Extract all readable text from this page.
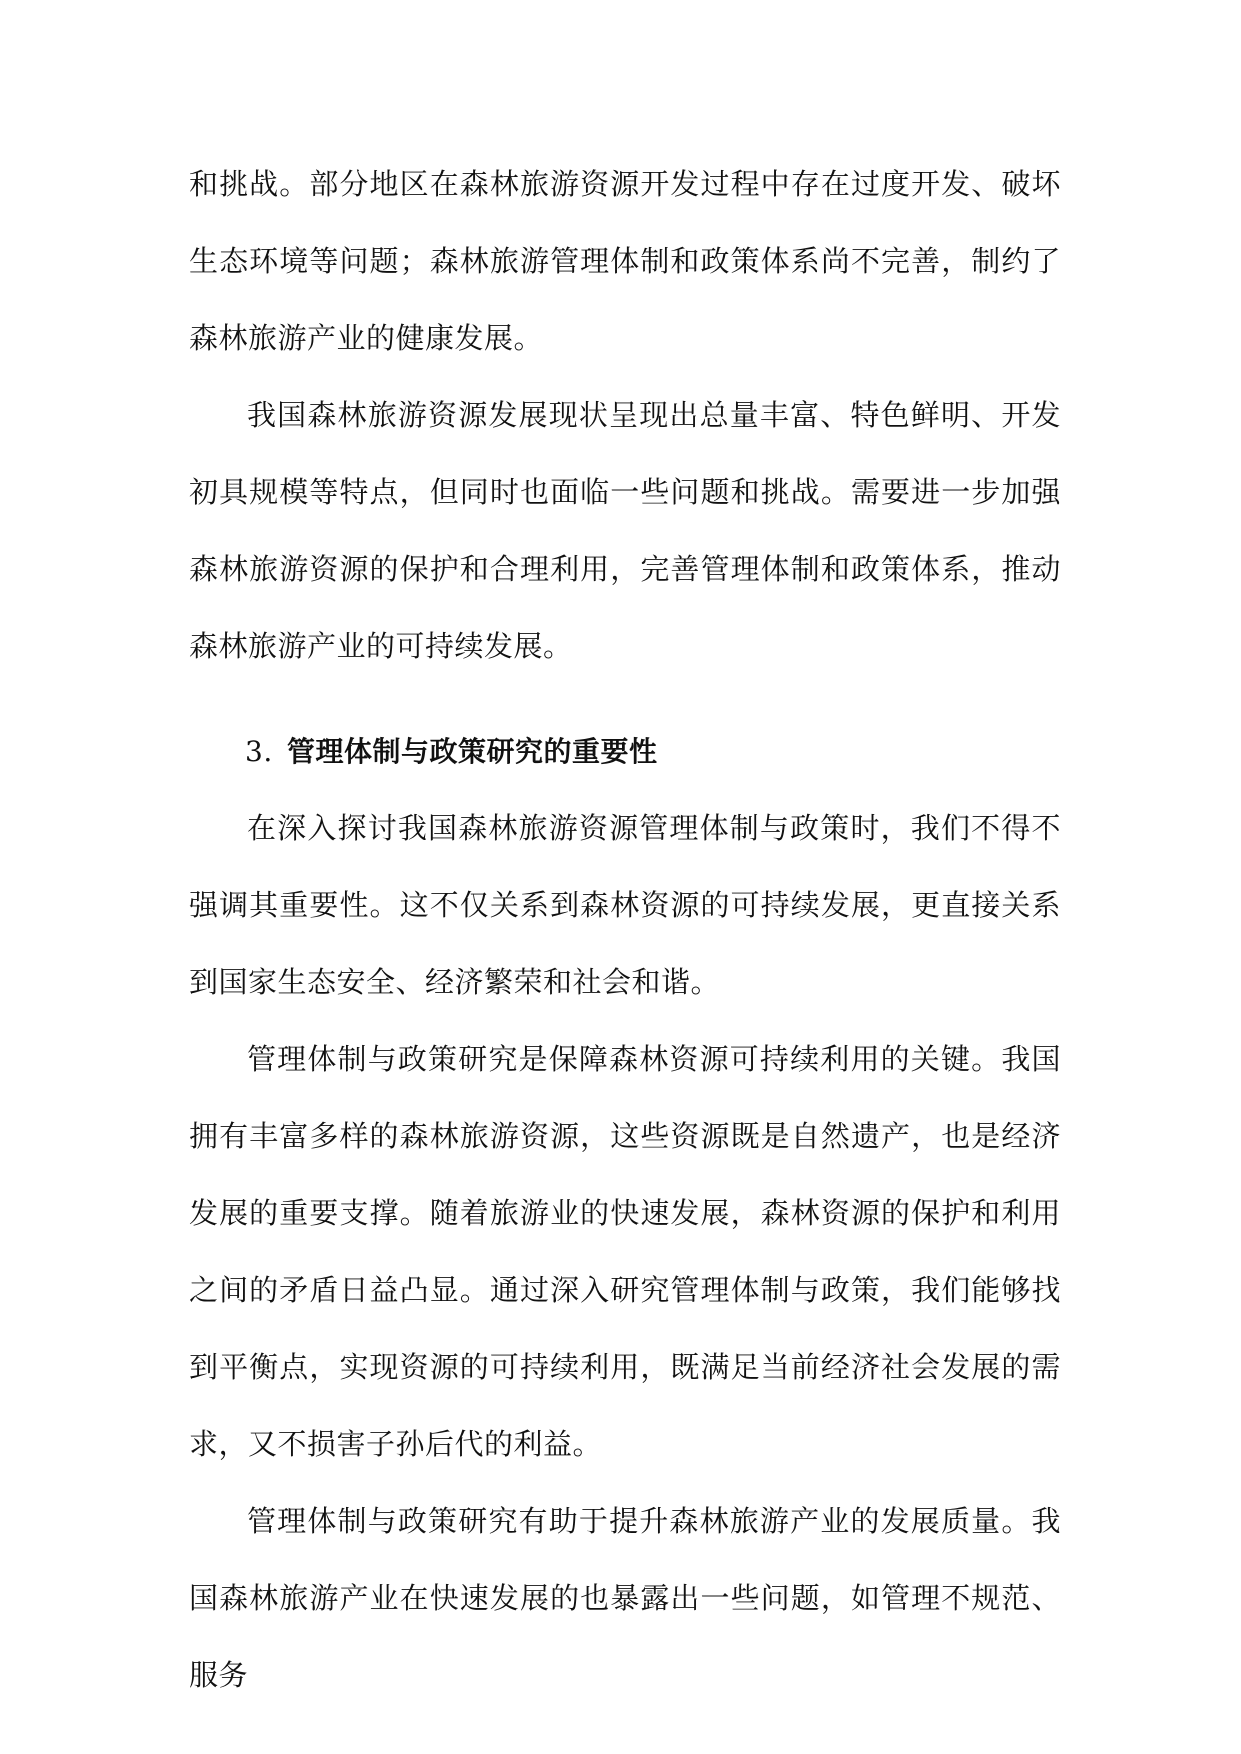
和挑战。部分地区在森林旅游资源开发过程中存在过度开发、破坏生态环境等问题；森林旅游管理体制和政策体系尚不完善，制约了森林旅游产业的健康发展。

我国森林旅游资源发展现状呈现出总量丰富、特色鲜明、开发初具规模等特点，但同时也面临一些问题和挑战。需要进一步加强森林旅游资源的保护和合理利用，完善管理体制和政策体系，推动森林旅游产业的可持续发展。

3. 管理体制与政策研究的重要性

在深入探讨我国森林旅游资源管理体制与政策时，我们不得不强调其重要性。这不仅关系到森林资源的可持续发展，更直接关系到国家生态安全、经济繁荣和社会和谐。

管理体制与政策研究是保障森林资源可持续利用的关键。我国拥有丰富多样的森林旅游资源，这些资源既是自然遗产，也是经济发展的重要支撑。随着旅游业的快速发展，森林资源的保护和利用之间的矛盾日益凸显。通过深入研究管理体制与政策，我们能够找到平衡点，实现资源的可持续利用，既满足当前经济社会发展的需求，又不损害子孙后代的利益。

管理体制与政策研究有助于提升森林旅游产业的发展质量。我国森林旅游产业在快速发展的也暴露出一些问题，如管理不规范、服务
